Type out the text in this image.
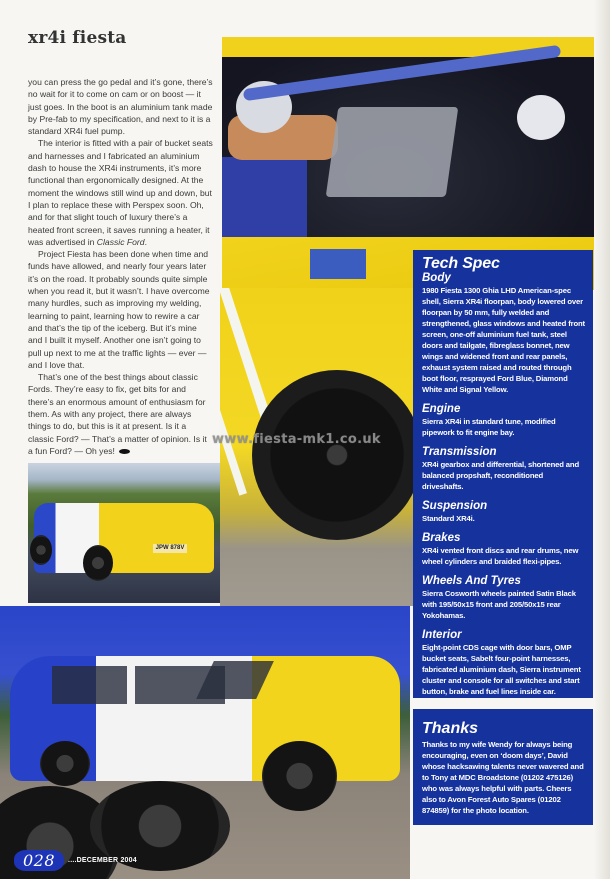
xr4i fiesta

you can press the go pedal and it’s gone, there’s no wait for it to come on cam or on boost — it just goes. In the boot is an aluminium tank made by Pre-fab to my specification, and next to it is a standard XR4i fuel pump.

The interior is fitted with a pair of bucket seats and harnesses and I fabricated an aluminium dash to house the XR4i instruments, it’s more functional than ergonomically designed. At the moment the windows still wind up and down, but I plan to replace these with Perspex soon. Oh, and for that slight touch of luxury there’s a heated front screen, it saves running a heater, it was advertised in Classic Ford.

Project Fiesta has been done when time and funds have allowed, and nearly four years later it’s on the road. It probably sounds quite simple when you read it, but it wasn’t. I have overcome many hurdles, such as improving my welding, learning to paint, learning how to rewire a car and that’s the tip of the iceberg. But it’s mine and I built it myself. Another one isn’t going to pull up next to me at the traffic lights — ever — and I love that.

That’s one of the best things about classic Fords. They’re easy to fix, get bits for and there’s an enormous amount of enthusiasm for them. As with any project, there are always things to do, but this is it at present. Is it a classic Ford? — That’s a matter of opinion. Is it a fun Ford? — Oh yes!

JPW 878V
www.fiesta-mk1.co.uk
Tech Spec
Body
1980 Fiesta 1300 Ghia LHD American-spec shell, Sierra XR4i floorpan, body lowered over floorpan by 50 mm, fully welded and strengthened, glass windows and heated front screen, one-off aluminium fuel tank, steel doors and tailgate, fibreglass bonnet, new wings and widened front and rear panels, exhaust system raised and routed through boot floor, resprayed Ford Blue, Diamond White and Signal Yellow.
Engine
Sierra XR4i in standard tune, modified pipework to fit engine bay.
Transmission
XR4i gearbox and differential, shortened and balanced propshaft, reconditioned driveshafts.
Suspension
Standard XR4i.
Brakes
XR4i vented front discs and rear drums, new wheel cylinders and braided flexi-pipes.
Wheels And Tyres
Sierra Cosworth wheels painted Satin Black with 195/50x15 front and 205/50x15 rear Yokohamas.
Interior
Eight-point CDS cage with door bars, OMP bucket seats, Sabelt four-point harnesses, fabricated aluminium dash, Sierra instrument cluster and console for all switches and start button, brake and fuel lines inside car.
Thanks
Thanks to my wife Wendy for always being encouraging, even on ‘doom days’, David whose hacksawing talents never wavered and to Tony at MDC Broadstone (01202 475126) who was always helpful with parts. Cheers also to Avon Forest Auto Spares (01202 874859) for the photo location.
028	....DECEMBER 2004
